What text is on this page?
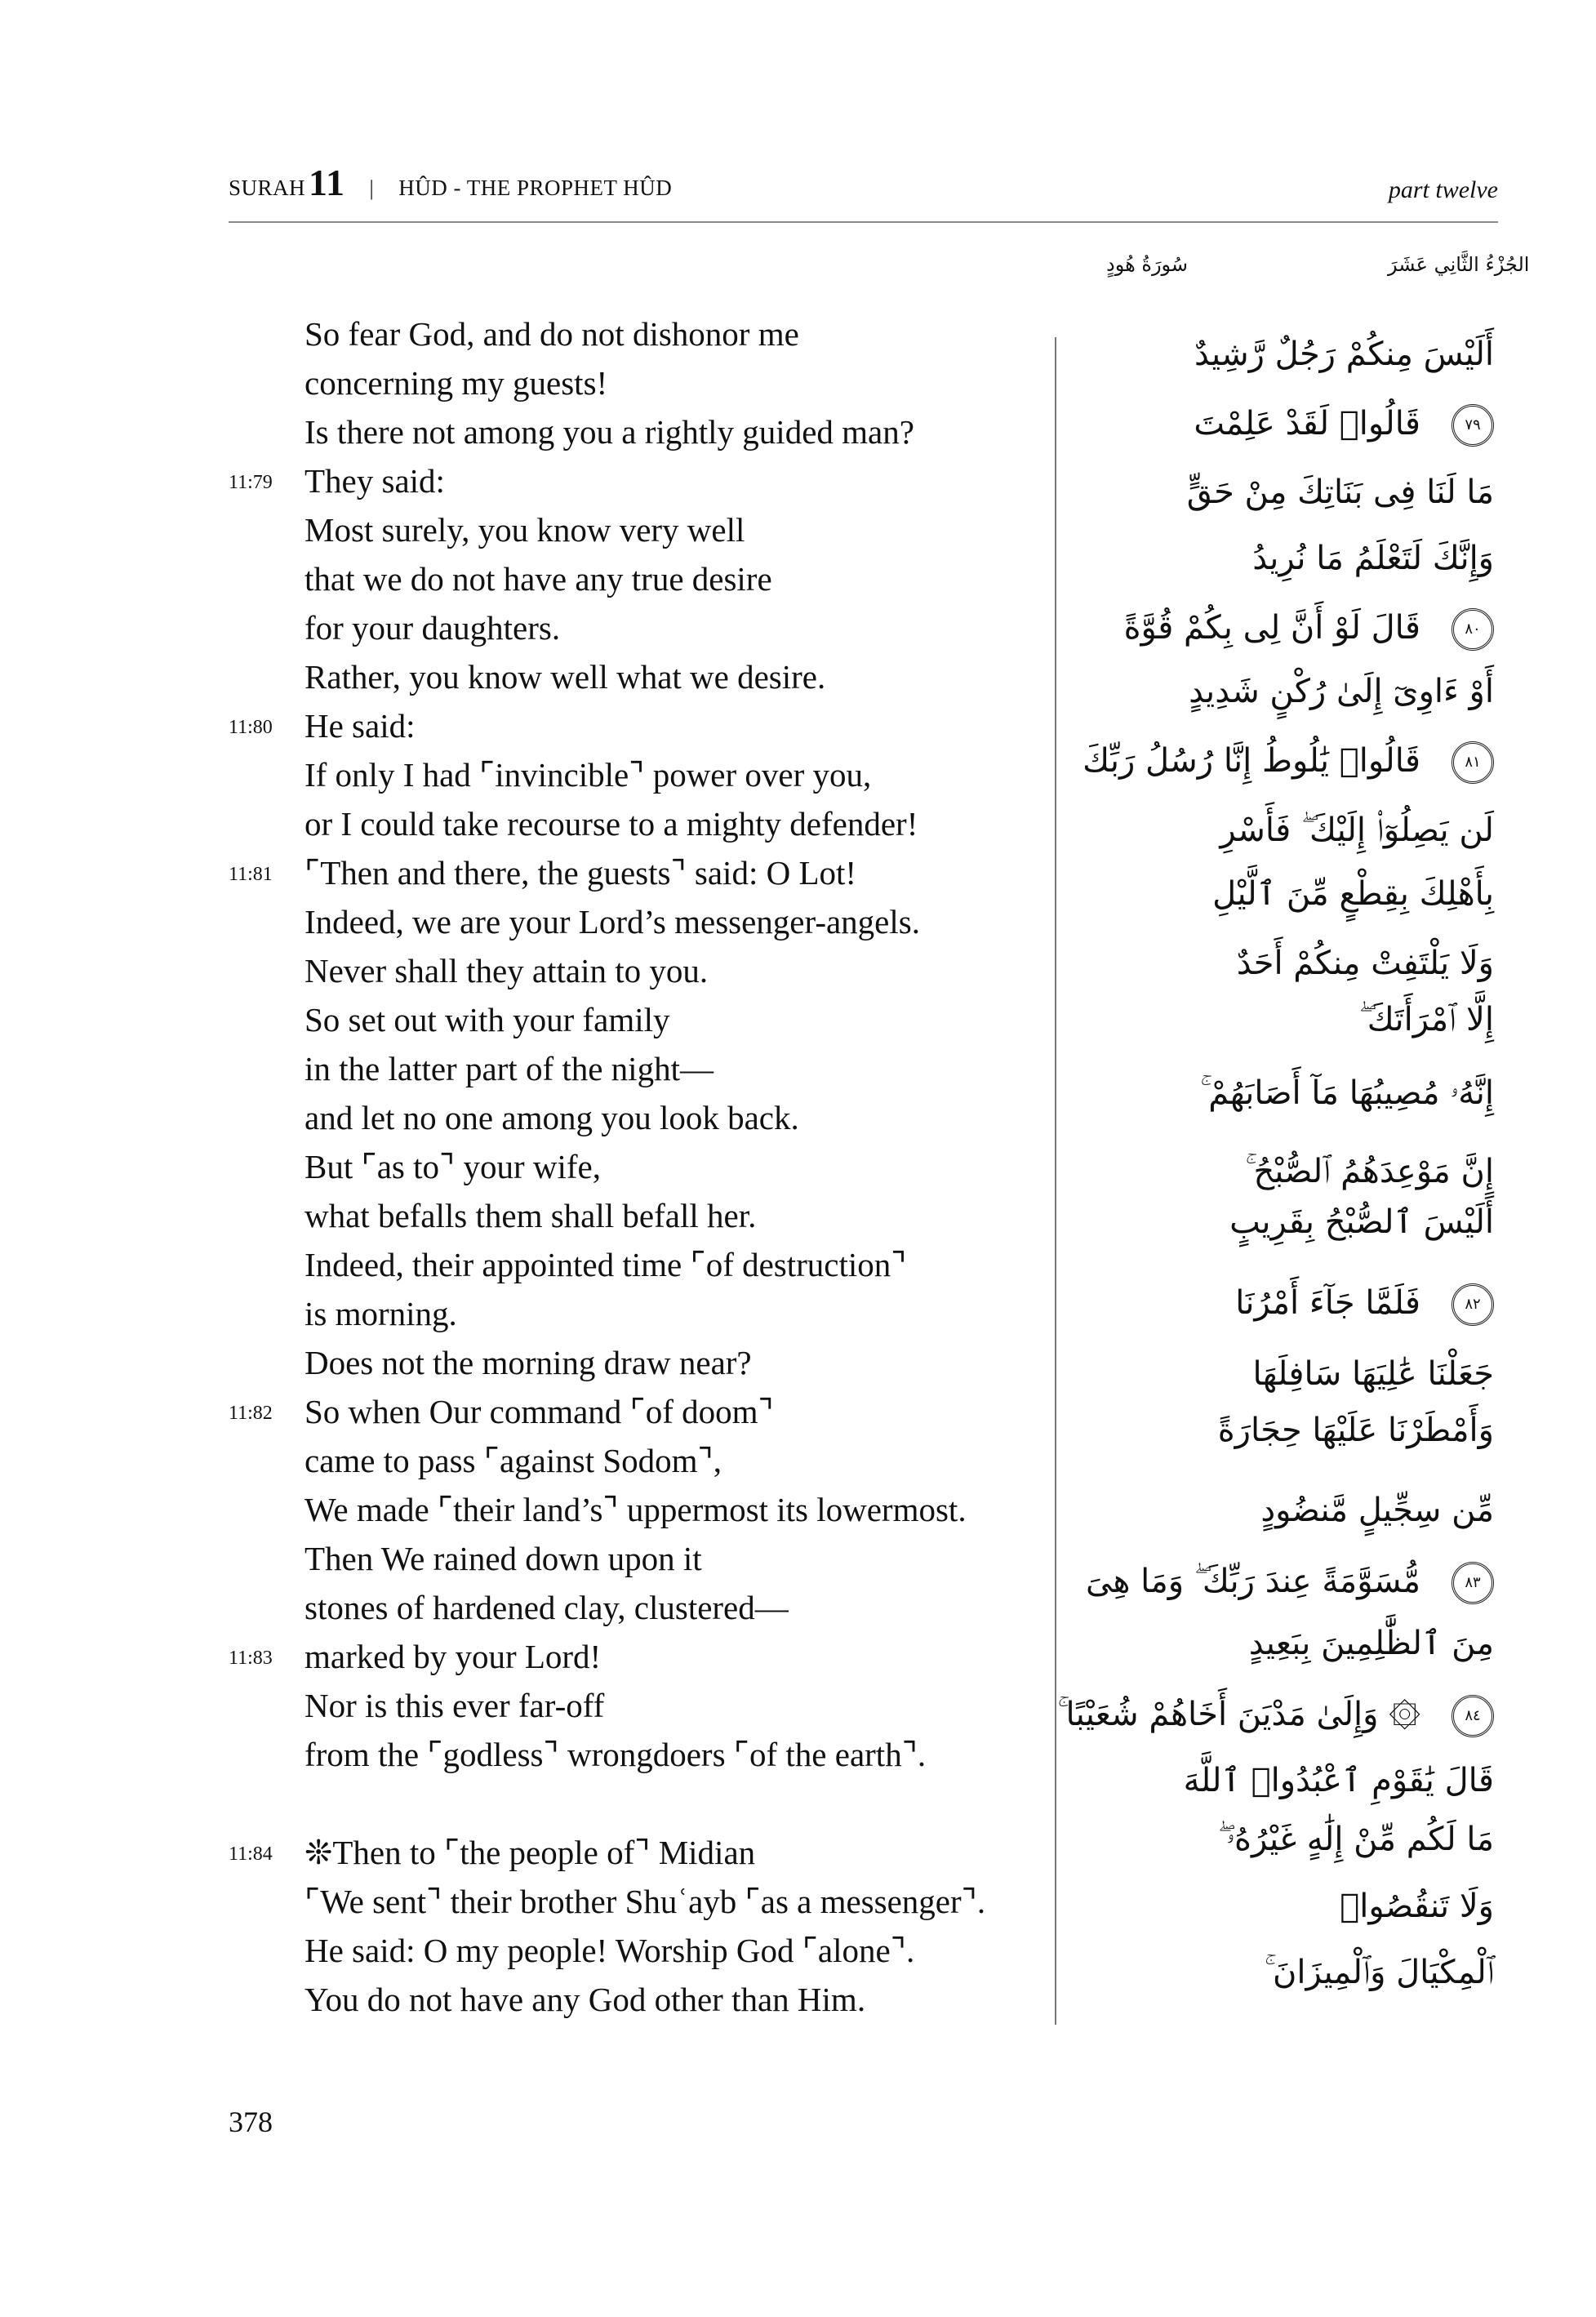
SURAH11 | HÛD - THE PROPHET HÛD	part twelve
سُورَةُ هُودٍ	الجُزْءُ الثَّانِي عَشَرَ
So fear God, and do not dishonor me
concerning my guests!
Is there not among you a rightly guided man?
11:79 They said:
Most surely, you know very well
that we do not have any true desire
for your daughters.
Rather, you know well what we desire.
11:80 He said:
If only I had ⌜invincible⌝ power over you,
or I could take recourse to a mighty defender!
11:81 ⌜Then and there, the guests⌝ said: O Lot!
Indeed, we are your Lord’s messenger-angels.
Never shall they attain to you.
So set out with your family
in the latter part of the night—
and let no one among you look back.
But ⌜as to⌝ your wife,
what befalls them shall befall her.
Indeed, their appointed time ⌜of destruction⌝
is morning.
Does not the morning draw near?
11:82 So when Our command ⌜of doom⌝
came to pass ⌜against Sodom⌝,
We made ⌜their land’s⌝ uppermost its lowermost.
Then We rained down upon it
stones of hardened clay, clustered—
11:83 marked by your Lord!
Nor is this ever far-off
from the ⌜godless⌝ wrongdoers ⌜of the earth⌝.
11:84 ❊Then to ⌜the people of⌝ Midian
⌜We sent⌝ their brother Shuʿayb ⌜as a messenger⌝.
He said: O my people! Worship God ⌜alone⌝.
You do not have any God other than Him.
أَلَيْسَ مِنكُمْ رَجُلٌ رَّشِيدٌ
قَالُوا۟ لَقَدْ عَلِمْتَ	٧٩
مَا لَنَا فِى بَنَاتِكَ مِنْ حَقٍّ
وَإِنَّكَ لَتَعْلَمُ مَا نُرِيدُ
قَالَ لَوْ أَنَّ لِى بِكُمْ قُوَّةً	٨٠
أَوْ ءَاوِىٓ إِلَىٰ رُكْنٍ شَدِيدٍ
قَالُوا۟ يَٰلُوطُ إِنَّا رُسُلُ رَبِّكَ	٨١
لَن يَصِلُوٓا۟ إِلَيْكَ ۖ فَأَسْرِ
بِأَهْلِكَ بِقِطْعٍ مِّنَ ٱلَّيْلِ
وَلَا يَلْتَفِتْ مِنكُمْ أَحَدٌ
إِلَّا ٱمْرَأَتَكَ ۖ
إِنَّهُۥ مُصِيبُهَا مَآ أَصَابَهُمْ ۚ
إِنَّ مَوْعِدَهُمُ ٱلصُّبْحُ ۚ
أَلَيْسَ ٱلصُّبْحُ بِقَرِيبٍ
فَلَمَّا جَآءَ أَمْرُنَا	٨٢
جَعَلْنَا عَٰلِيَهَا سَافِلَهَا
وَأَمْطَرْنَا عَلَيْهَا حِجَارَةً
مِّن سِجِّيلٍ مَّنضُودٍ
مُّسَوَّمَةً عِندَ رَبِّكَ ۖ وَمَا هِىَ	٨٣
مِنَ ٱلظَّٰلِمِينَ بِبَعِيدٍ
۞ وَإِلَىٰ مَدْيَنَ أَخَاهُمْ شُعَيْبًا ۚ	٨٤
قَالَ يَٰقَوْمِ ٱعْبُدُوا۟ ٱللَّهَ
مَا لَكُم مِّنْ إِلَٰهٍ غَيْرُهُۥ ۖ
وَلَا تَنقُصُوا۟
ٱلْمِكْيَالَ وَٱلْمِيزَانَ ۚ
378
